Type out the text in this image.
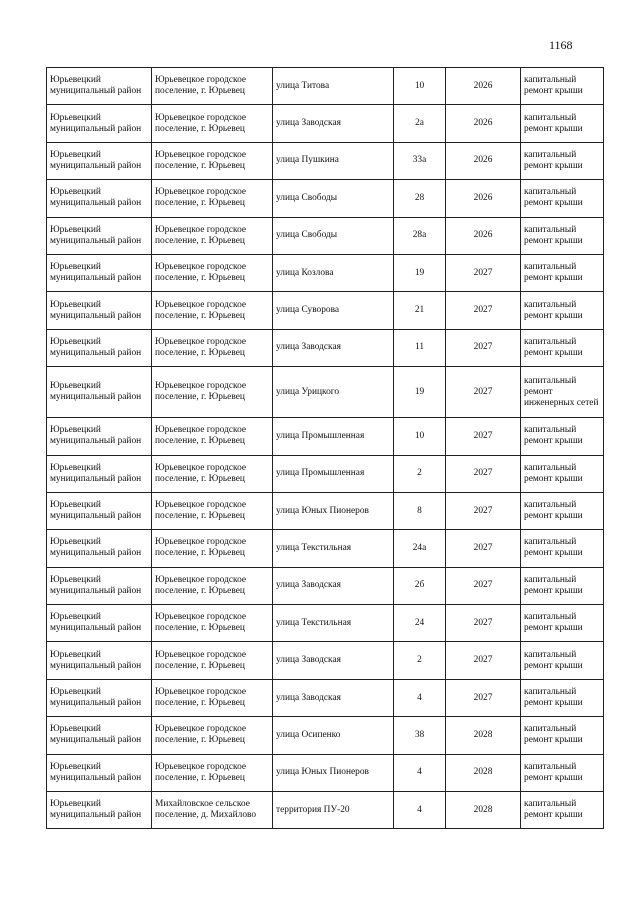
1168
Юрьевецкий муниципальный район	Юрьевецкое городское поселение, г. Юрьевец	улица Титова	10	2026	капитальный ремонт крыши
Юрьевецкий муниципальный район	Юрьевецкое городское поселение, г. Юрьевец	улица Заводская	2а	2026	капитальный ремонт крыши
Юрьевецкий муниципальный район	Юрьевецкое городское поселение, г. Юрьевец	улица Пушкина	33а	2026	капитальный ремонт крыши
Юрьевецкий муниципальный район	Юрьевецкое городское поселение, г. Юрьевец	улица Свободы	28	2026	капитальный ремонт крыши
Юрьевецкий муниципальный район	Юрьевецкое городское поселение, г. Юрьевец	улица Свободы	28а	2026	капитальный ремонт крыши
Юрьевецкий муниципальный район	Юрьевецкое городское поселение, г. Юрьевец	улица Козлова	19	2027	капитальный ремонт крыши
Юрьевецкий муниципальный район	Юрьевецкое городское поселение, г. Юрьевец	улица Суворова	21	2027	капитальный ремонт крыши
Юрьевецкий муниципальный район	Юрьевецкое городское поселение, г. Юрьевец	улица Заводская	11	2027	капитальный ремонт крыши
Юрьевецкий муниципальный район	Юрьевецкое городское поселение, г. Юрьевец	улица Урицкого	19	2027	капитальный ремонт инженерных сетей
Юрьевецкий муниципальный район	Юрьевецкое городское поселение, г. Юрьевец	улица Промышленная	10	2027	капитальный ремонт крыши
Юрьевецкий муниципальный район	Юрьевецкое городское поселение, г. Юрьевец	улица Промышленная	2	2027	капитальный ремонт крыши
Юрьевецкий муниципальный район	Юрьевецкое городское поселение, г. Юрьевец	улица Юных Пионеров	8	2027	капитальный ремонт крыши
Юрьевецкий муниципальный район	Юрьевецкое городское поселение, г. Юрьевец	улица Текстильная	24а	2027	капитальный ремонт крыши
Юрьевецкий муниципальный район	Юрьевецкое городское поселение, г. Юрьевец	улица Заводская	2б	2027	капитальный ремонт крыши
Юрьевецкий муниципальный район	Юрьевецкое городское поселение, г. Юрьевец	улица Текстильная	24	2027	капитальный ремонт крыши
Юрьевецкий муниципальный район	Юрьевецкое городское поселение, г. Юрьевец	улица Заводская	2	2027	капитальный ремонт крыши
Юрьевецкий муниципальный район	Юрьевецкое городское поселение, г. Юрьевец	улица Заводская	4	2027	капитальный ремонт крыши
Юрьевецкий муниципальный район	Юрьевецкое городское поселение, г. Юрьевец	улица Осипенко	38	2028	капитальный ремонт крыши
Юрьевецкий муниципальный район	Юрьевецкое городское поселение, г. Юрьевец	улица Юных Пионеров	4	2028	капитальный ремонт крыши
Юрьевецкий муниципальный район	Михайловское сельское поселение, д. Михайлово	территория ПУ-20	4	2028	капитальный ремонт крыши
